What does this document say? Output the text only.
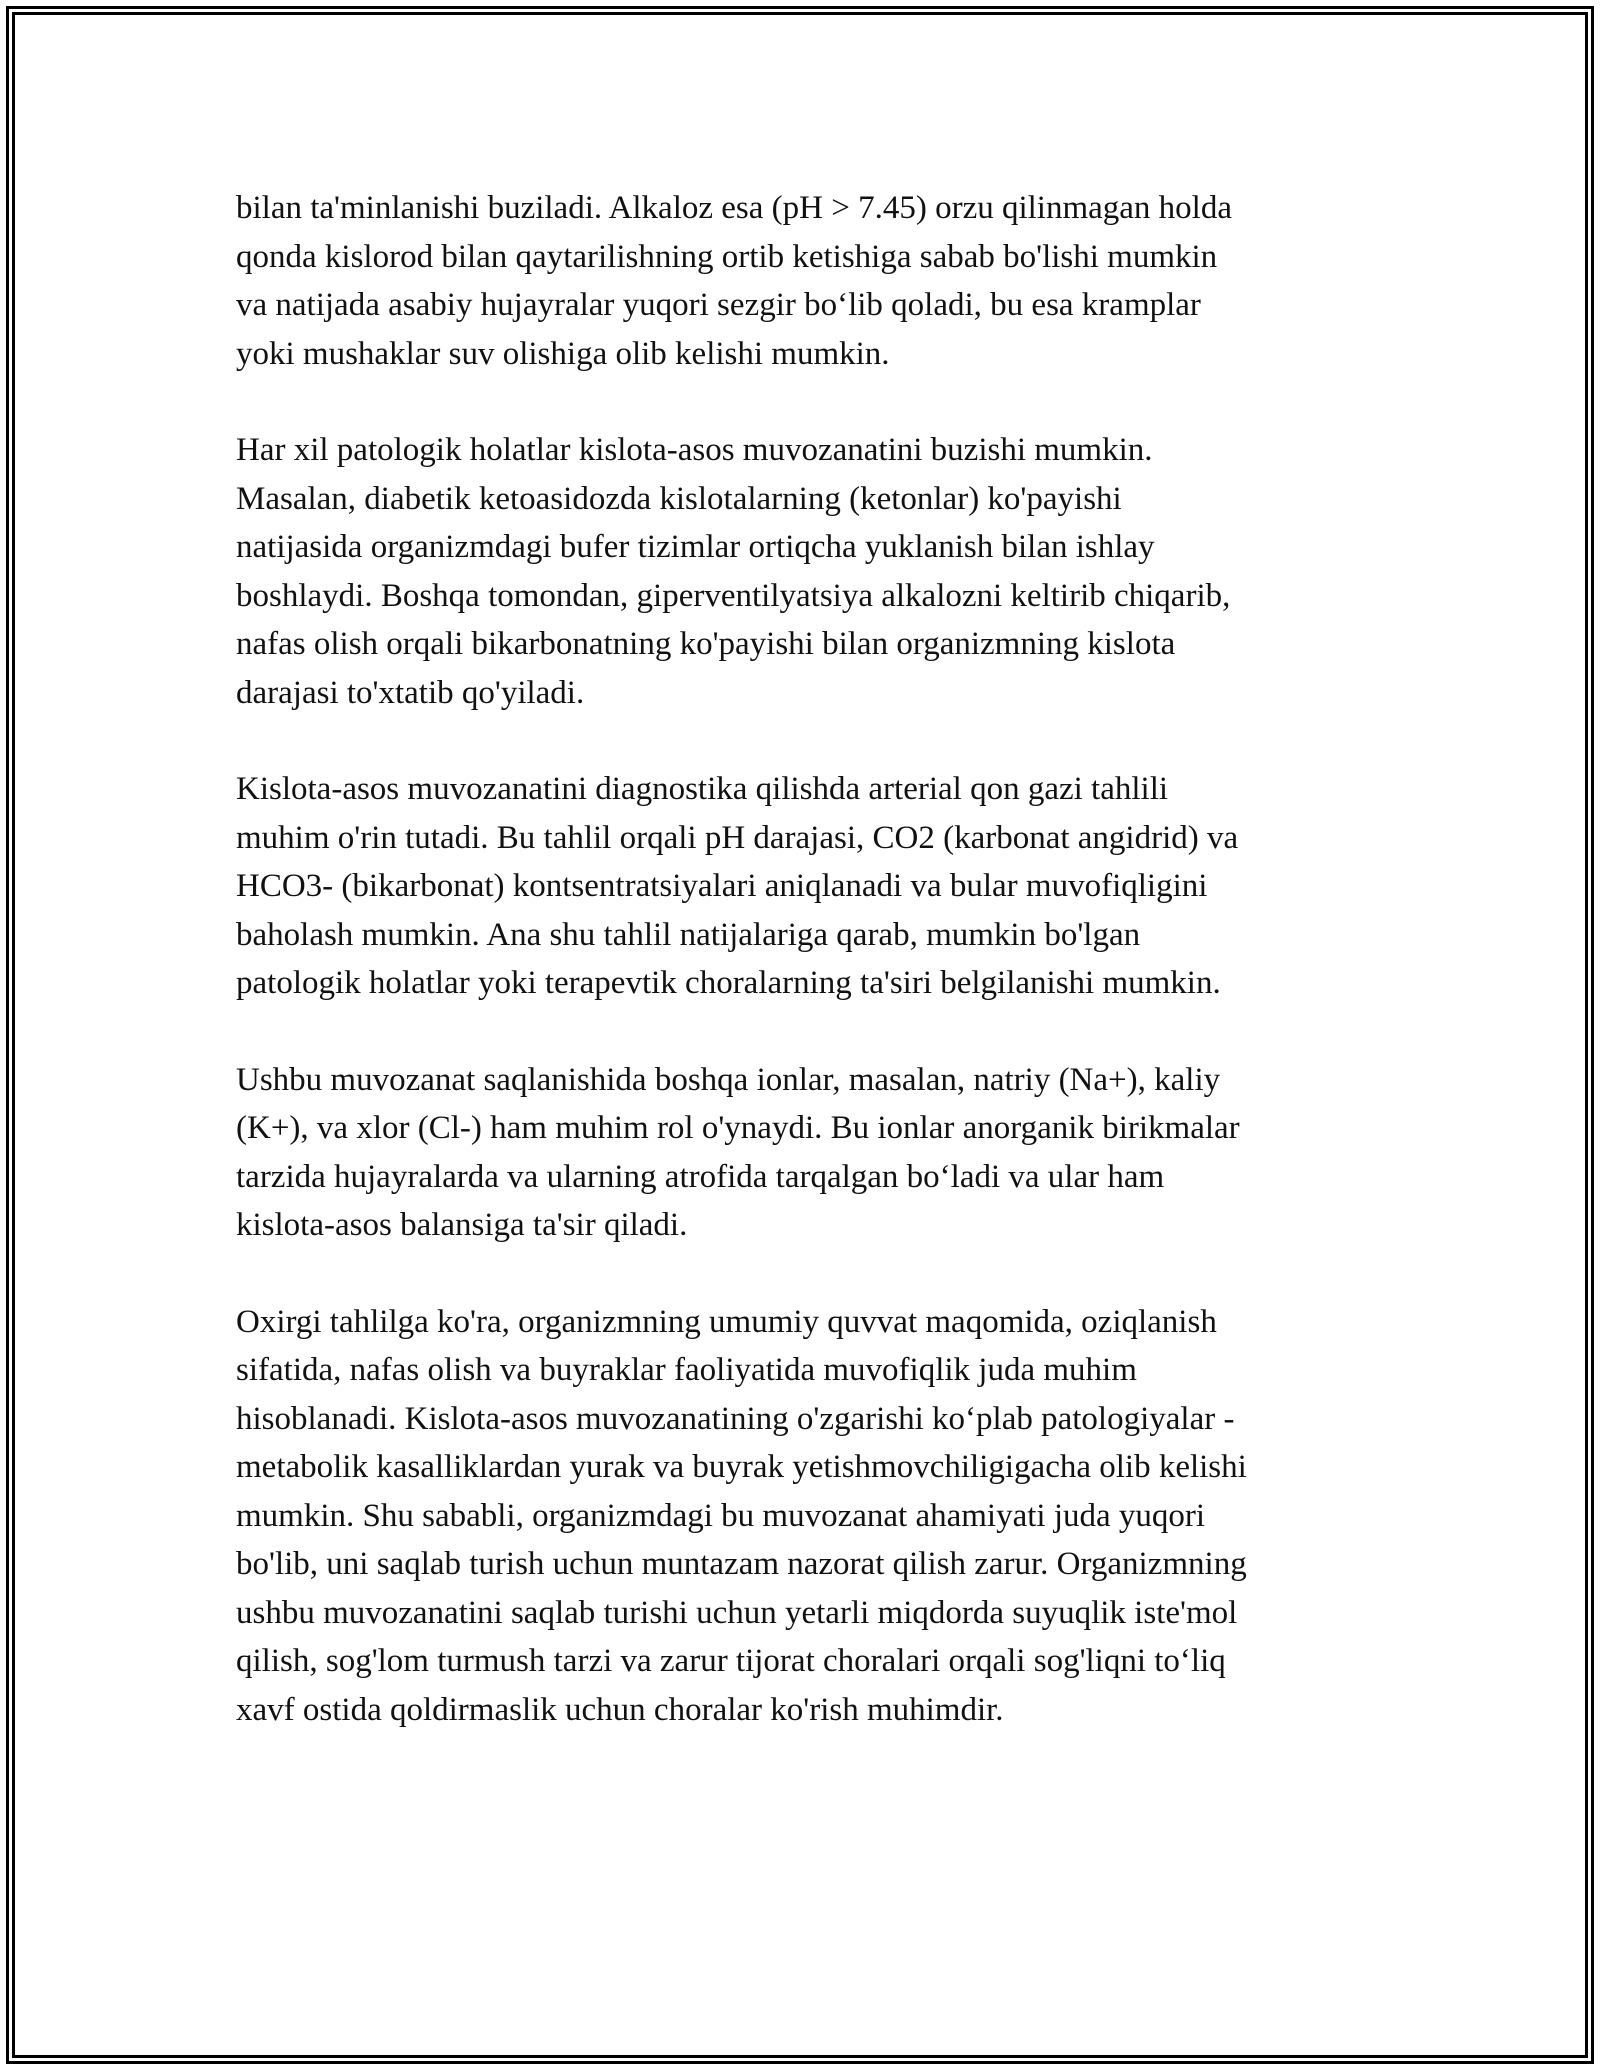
bilan ta'minlanishi buziladi. Alkaloz esa (pH > 7.45) orzu qilinmagan holda
qonda kislorod bilan qaytarilishning ortib ketishiga sabab bo'lishi mumkin
va natijada asabiy hujayralar yuqori sezgir bo‘lib qoladi, bu esa kramplar
yoki mushaklar suv olishiga olib kelishi mumkin.

Har xil patologik holatlar kislota-asos muvozanatini buzishi mumkin.
Masalan, diabetik ketoasidozda kislotalarning (ketonlar) ko'payishi
natijasida organizmdagi bufer tizimlar ortiqcha yuklanish bilan ishlay
boshlaydi. Boshqa tomondan, giperventilyatsiya alkalozni keltirib chiqarib,
nafas olish orqali bikarbonatning ko'payishi bilan organizmning kislota
darajasi to'xtatib qo'yiladi.

Kislota-asos muvozanatini diagnostika qilishda arterial qon gazi tahlili
muhim o'rin tutadi. Bu tahlil orqali pH darajasi, CO2 (karbonat angidrid) va
HCO3- (bikarbonat) kontsentratsiyalari aniqlanadi va bular muvofiqligini
baholash mumkin. Ana shu tahlil natijalariga qarab, mumkin bo'lgan
patologik holatlar yoki terapevtik choralarning ta'siri belgilanishi mumkin.

Ushbu muvozanat saqlanishida boshqa ionlar, masalan, natriy (Na+), kaliy
(K+), va xlor (Cl-) ham muhim rol o'ynaydi. Bu ionlar anorganik birikmalar
tarzida hujayralarda va ularning atrofida tarqalgan bo‘ladi va ular ham
kislota-asos balansiga ta'sir qiladi.

Oxirgi tahlilga ko'ra, organizmning umumiy quvvat maqomida, oziqlanish
sifatida, nafas olish va buyraklar faoliyatida muvofiqlik juda muhim
hisoblanadi. Kislota-asos muvozanatining o'zgarishi ko‘plab patologiyalar -
metabolik kasalliklardan yurak va buyrak yetishmovchiligigacha olib kelishi
mumkin. Shu sababli, organizmdagi bu muvozanat ahamiyati juda yuqori
bo'lib, uni saqlab turish uchun muntazam nazorat qilish zarur. Organizmning
ushbu muvozanatini saqlab turishi uchun yetarli miqdorda suyuqlik iste'mol
qilish, sog'lom turmush tarzi va zarur tijorat choralari orqali sog'liqni to‘liq
xavf ostida qoldirmaslik uchun choralar ko'rish muhimdir.
